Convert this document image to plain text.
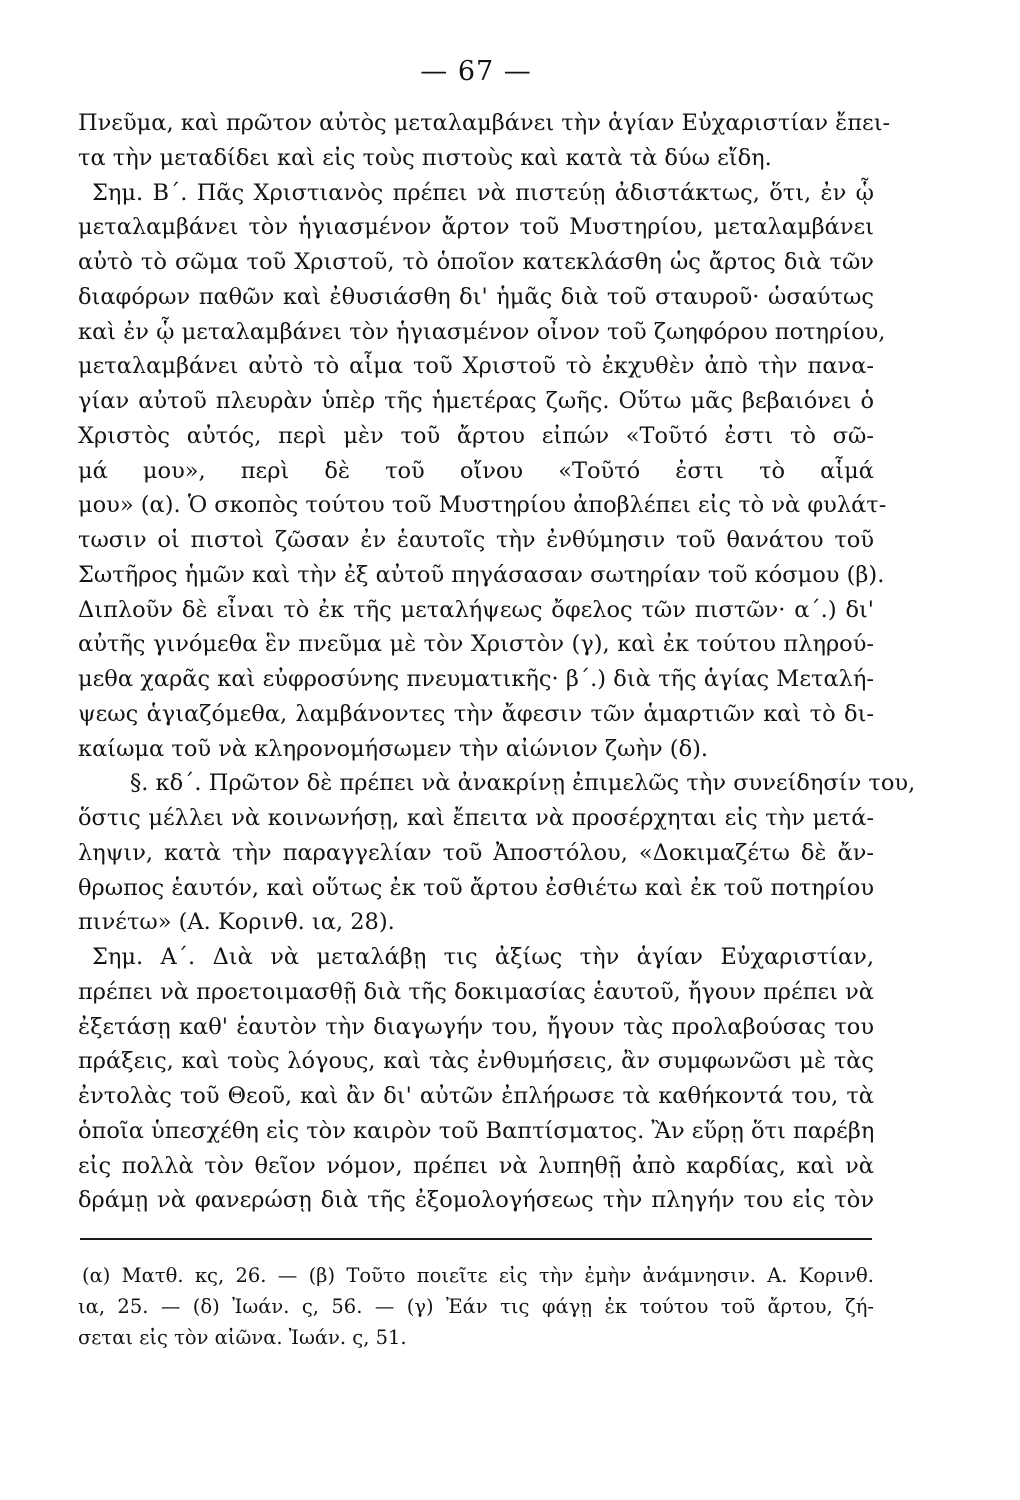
— 67 —
Πνεῦμα, καὶ πρῶτον αὐτὸς μεταλαμβάνει τὴν ἁγίαν Εὐχαριστίαν ἔπει-
τα τὴν μεταδίδει καὶ εἰς τοὺς πιστοὺς καὶ κατὰ τὰ δύω εἴδη.
Σημ. Β΄. Πᾶς Χριστιανὸς πρέπει νὰ πιστεύῃ ἀδιστάκτως, ὅτι, ἐν ᾧ
μεταλαμβάνει τὸν ἡγιασμένον ἄρτον τοῦ Μυστηρίου, μεταλαμβάνει
αὐτὸ τὸ σῶμα τοῦ Χριστοῦ, τὸ ὁποῖον κατεκλάσθη ὡς ἄρτος διὰ τῶν
διαφόρων παθῶν καὶ ἐθυσιάσθη δι' ἡμᾶς διὰ τοῦ σταυροῦ· ὡσαύτως
καὶ ἐν ᾧ μεταλαμβάνει τὸν ἡγιασμένον οἶνον τοῦ ζωηφόρου ποτηρίου,
μεταλαμβάνει αὐτὸ τὸ αἷμα τοῦ Χριστοῦ τὸ ἐκχυθὲν ἀπὸ τὴν πανα-
γίαν αὐτοῦ πλευρὰν ὑπὲρ τῆς ἡμετέρας ζωῆς. Οὕτω μᾶς βεβαιόνει ὁ
Χριστὸς αὐτός, περὶ μὲν τοῦ ἄρτου εἰπών «Τοῦτό ἐστι τὸ σῶ-
μά μου», περὶ δὲ τοῦ οἴνου «Τοῦτό ἐστι τὸ αἷμά
μου» (α). Ὁ σκοπὸς τούτου τοῦ Μυστηρίου ἀποβλέπει εἰς τὸ νὰ φυλάτ-
τωσιν οἱ πιστοὶ ζῶσαν ἐν ἑαυτοῖς τὴν ἐνθύμησιν τοῦ θανάτου τοῦ
Σωτῆρος ἡμῶν καὶ τὴν ἐξ αὐτοῦ πηγάσασαν σωτηρίαν τοῦ κόσμου (β).
Διπλοῦν δὲ εἶναι τὸ ἐκ τῆς μεταλήψεως ὄφελος τῶν πιστῶν· α΄.) δι'
αὐτῆς γινόμεθα ἓν πνεῦμα μὲ τὸν Χριστὸν (γ), καὶ ἐκ τούτου πληρού-
μεθα χαρᾶς καὶ εὐφροσύνης πνευματικῆς· β΄.) διὰ τῆς ἁγίας Μεταλή-
ψεως ἁγιαζόμεθα, λαμβάνοντες τὴν ἄφεσιν τῶν ἁμαρτιῶν καὶ τὸ δι-
καίωμα τοῦ νὰ κληρονομήσωμεν τὴν αἰώνιον ζωὴν (δ).
§. κδ΄. Πρῶτον δὲ πρέπει νὰ ἀνακρίνῃ ἐπιμελῶς τὴν συνείδησίν του,
ὅστις μέλλει νὰ κοινωνήσῃ, καὶ ἔπειτα νὰ προσέρχηται εἰς τὴν μετά-
ληψιν, κατὰ τὴν παραγγελίαν τοῦ Ἀποστόλου, «Δοκιμαζέτω δὲ ἄν-
θρωπος ἑαυτόν, καὶ οὕτως ἐκ τοῦ ἄρτου ἐσθιέτω καὶ ἐκ τοῦ ποτηρίου
πινέτω» (Α. Κορινθ. ια, 28).
Σημ. Α΄. Διὰ νὰ μεταλάβῃ τις ἀξίως τὴν ἁγίαν Εὐχαριστίαν,
πρέπει νὰ προετοιμασθῇ διὰ τῆς δοκιμασίας ἑαυτοῦ, ἤγουν πρέπει νὰ
ἐξετάσῃ καθ' ἑαυτὸν τὴν διαγωγήν του, ἤγουν τὰς προλαβούσας του
πράξεις, καὶ τοὺς λόγους, καὶ τὰς ἐνθυμήσεις, ἂν συμφωνῶσι μὲ τὰς
ἐντολὰς τοῦ Θεοῦ, καὶ ἂν δι' αὐτῶν ἐπλήρωσε τὰ καθήκοντά του, τὰ
ὁποῖα ὑπεσχέθη εἰς τὸν καιρὸν τοῦ Βαπτίσματος. Ἂν εὕρῃ ὅτι παρέβη
εἰς πολλὰ τὸν θεῖον νόμον, πρέπει νὰ λυπηθῇ ἀπὸ καρδίας, καὶ νὰ
δράμῃ νὰ φανερώσῃ διὰ τῆς ἐξομολογήσεως τὴν πληγήν του εἰς τὸν
(α) Ματθ. κς, 26. — (β) Τοῦτο ποιεῖτε εἰς τὴν ἐμὴν ἀνάμνησιν. Α. Κορινθ.
ια, 25. — (δ) Ἰωάν. ς, 56. — (γ) Ἐάν τις φάγῃ ἐκ τούτου τοῦ ἄρτου, ζή-
σεται εἰς τὸν αἰῶνα. Ἰωάν. ς, 51.
